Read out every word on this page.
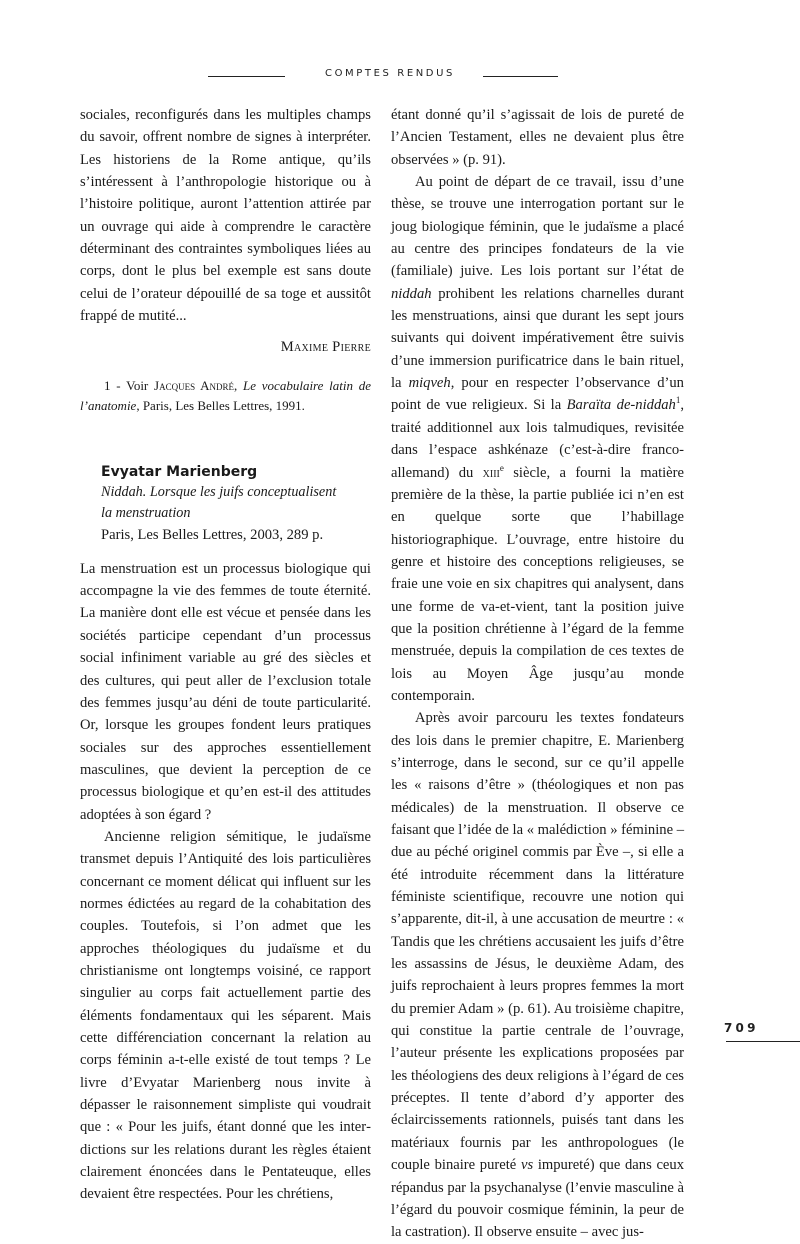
COMPTES RENDUS

sociales, reconfigurés dans les multiples champs du savoir, offrent nombre de signes à interpréter. Les historiens de la Rome antique, qu’ils s’intéressent à l’anthropologie historique ou à l’histoire politique, auront l’attention attirée par un ouvrage qui aide à comprendre le caractère déterminant des contraintes symboliques liées au corps, dont le plus bel exemple est sans doute celui de l’orateur dépouillé de sa toge et aussitôt frappé de mutité...

Maxime Pierre

1 - Voir Jacques André, Le vocabulaire latin de l’anatomie, Paris, Les Belles Lettres, 1991.

Evyatar Marienberg
Niddah. Lorsque les juifs conceptualisent
la menstruation
Paris, Les Belles Lettres, 2003, 289 p.

La menstruation est un processus biologique qui accompagne la vie des femmes de toute éternité. La manière dont elle est vécue et pensée dans les sociétés participe cependant d’un processus social infiniment variable au gré des siècles et des cultures, qui peut aller de l’exclusion totale des femmes jusqu’au déni de toute particularité. Or, lorsque les groupes fondent leurs pratiques sociales sur des approches essentiellement masculines, que devient la perception de ce processus biologique et qu’en est-il des attitudes adoptées à son égard ?

Ancienne religion sémitique, le judaïsme transmet depuis l’Antiquité des lois particulières concernant ce moment délicat qui influent sur les normes édictées au regard de la cohabitation des couples. Toutefois, si l’on admet que les approches théologiques du judaïsme et du christianisme ont longtemps voisiné, ce rapport singulier au corps fait actuellement partie des éléments fondamentaux qui les séparent. Mais cette différenciation concernant la relation au corps féminin a-t-elle existé de tout temps ? Le livre d’Evyatar Marienberg nous invite à dépasser le raisonnement simpliste qui voudrait que : « Pour les juifs, étant donné que les interdictions sur les relations durant les règles étaient clairement énoncées dans le Pentateuque, elles devaient être respectées. Pour les chrétiens,

étant donné qu’il s’agissait de lois de pureté de l’Ancien Testament, elles ne devaient plus être observées » (p. 91).

Au point de départ de ce travail, issu d’une thèse, se trouve une interrogation portant sur le joug biologique féminin, que le judaïsme a placé au centre des principes fondateurs de la vie (familiale) juive. Les lois portant sur l’état de niddah prohibent les relations charnelles durant les menstruations, ainsi que durant les sept jours suivants qui doivent impérativement être suivis d’une immersion purificatrice dans le bain rituel, la miqveh, pour en respecter l’observance d’un point de vue religieux. Si la Baraïta de-niddah$^1$, traité additionnel aux lois talmudiques, revisitée dans l’espace ashkénaze (c’est-à-dire franco-allemand) du xiii$^e$ siècle, a fourni la matière première de la thèse, la partie publiée ici n’en est en quelque sorte que l’habillage historiographique. L’ouvrage, entre histoire du genre et histoire des conceptions religieuses, se fraie une voie en six chapitres qui analysent, dans une forme de va-et-vient, tant la position juive que la position chrétienne à l’égard de la femme menstruée, depuis la compilation de ces textes de lois au Moyen Âge jusqu’au monde contemporain.

Après avoir parcouru les textes fondateurs des lois dans le premier chapitre, E. Marienberg s’interroge, dans le second, sur ce qu’il appelle les « raisons d’être » (théologiques et non pas médicales) de la menstruation. Il observe ce faisant que l’idée de la « malédiction » féminine – due au péché originel commis par Ève –, si elle a été introduite récemment dans la littérature féministe scientifique, recouvre une notion qui s’apparente, dit-il, à une accusation de meurtre : « Tandis que les chrétiens accusaient les juifs d’être les assassins de Jésus, le deuxième Adam, des juifs reprochaient à leurs propres femmes la mort du premier Adam » (p. 61). Au troisième chapitre, qui constitue la partie centrale de l’ouvrage, l’auteur présente les explications proposées par les théologiens des deux religions à l’égard de ces préceptes. Il tente d’abord d’y apporter des éclaircissements rationnels, puisés tant dans les matériaux fournis par les anthropologues (le couple binaire pureté vs impureté) que dans ceux répandus par la psychanalyse (l’envie masculine à l’égard du pouvoir cosmique féminin, la peur de la castration). Il observe ensuite – avec jus-

709
